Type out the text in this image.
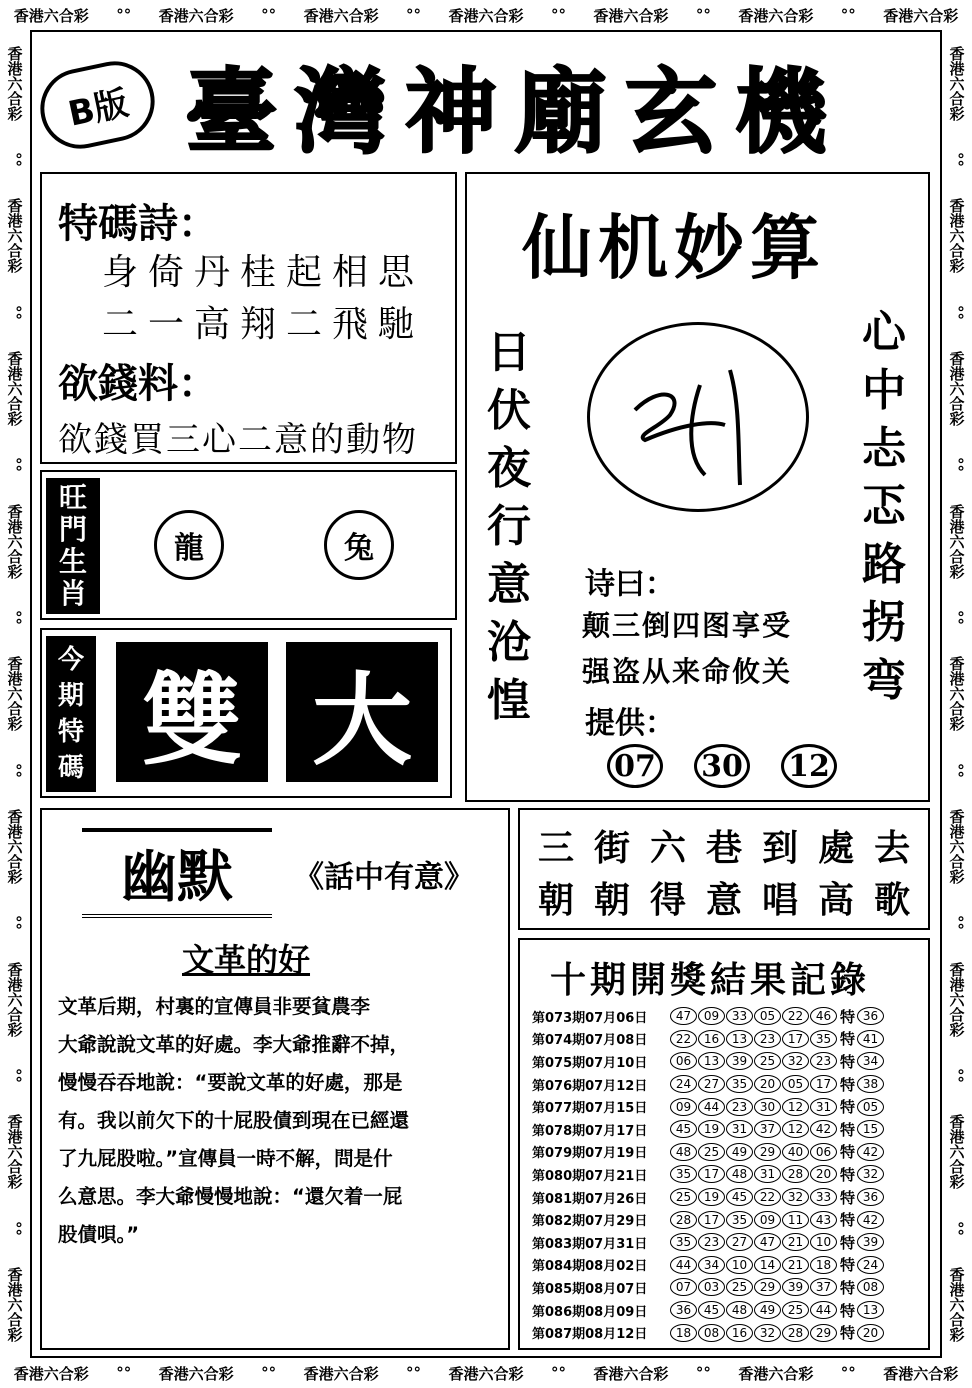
香港六合彩 °° 香港六合彩 °° 香港六合彩 °° 香港六合彩 °° 香港六合彩 °° 香港六合彩 °° 香港六合彩
香港六合彩 °° 香港六合彩 °° 香港六合彩 °° 香港六合彩 °° 香港六合彩 °° 香港六合彩 °° 香港六合彩
香港六合彩
°°
香港六合彩
°°
香港六合彩
°°
香港六合彩
°°
香港六合彩
°°
香港六合彩
°°
香港六合彩
°°
香港六合彩
°°
香港六合彩
香港六合彩
°°
香港六合彩
°°
香港六合彩
°°
香港六合彩
°°
香港六合彩
°°
香港六合彩
°°
香港六合彩
°°
香港六合彩
°°
香港六合彩
B版 臺灣神廟玄機
特碼詩：
身倚丹桂起相思
二一高翔二飛馳
欲錢料：
欲錢買三心二意的動物
旺
門
生
肖
龍	兔
今
期
特
碼 雙 大
仙机妙算
日
伏
夜
行
意
沧
惶
心
中
忐
忑
路
拐
弯
诗曰：
颠三倒四图享受
强盗从来命攸关
提供：
07 30 12
幽默	《話中有意》
文革的好

文革后期，村裏的宣傳員非要貧農李

大爺說說文革的好處。李大爺推辭不掉，

慢慢吞吞地說：“要說文革的好處，那是

有。我以前欠下的十屁股債到現在已經還

了九屁股啦。”宣傳員一時不解，問是什

么意思。李大爺慢慢地說：“還欠着一屁

股債唄。”

三 街 六 巷 到 處 去
朝 朝 得 意 唱 高 歌
十期開獎結果記錄
第073期07月06日	47	09	33	05	22	46 特 36
第074期07月08日	22	16	13	23	17	35 特 41
第075期07月10日	06	13	39	25	32	23 特 34
第076期07月12日	24	27	35	20	05	17 特 38
第077期07月15日	09	44	23	30	12	31 特 05
第078期07月17日	45	19	31	37	12	42 特 15
第079期07月19日	48	25	49	29	40	06 特 42
第080期07月21日	35	17	48	31	28	20 特 32
第081期07月26日	25	19	45	22	32	33 特 36
第082期07月29日	28	17	35	09	11	43 特 42
第083期07月31日	35	23	27	47	21	10 特 39
第084期08月02日	44	34	10	14	21	18 特 24
第085期08月07日	07	03	25	29	39	37 特 08
第086期08月09日	36	45	48	49	25	44 特 13
第087期08月12日	18	08	16	32	28	29 特 20
